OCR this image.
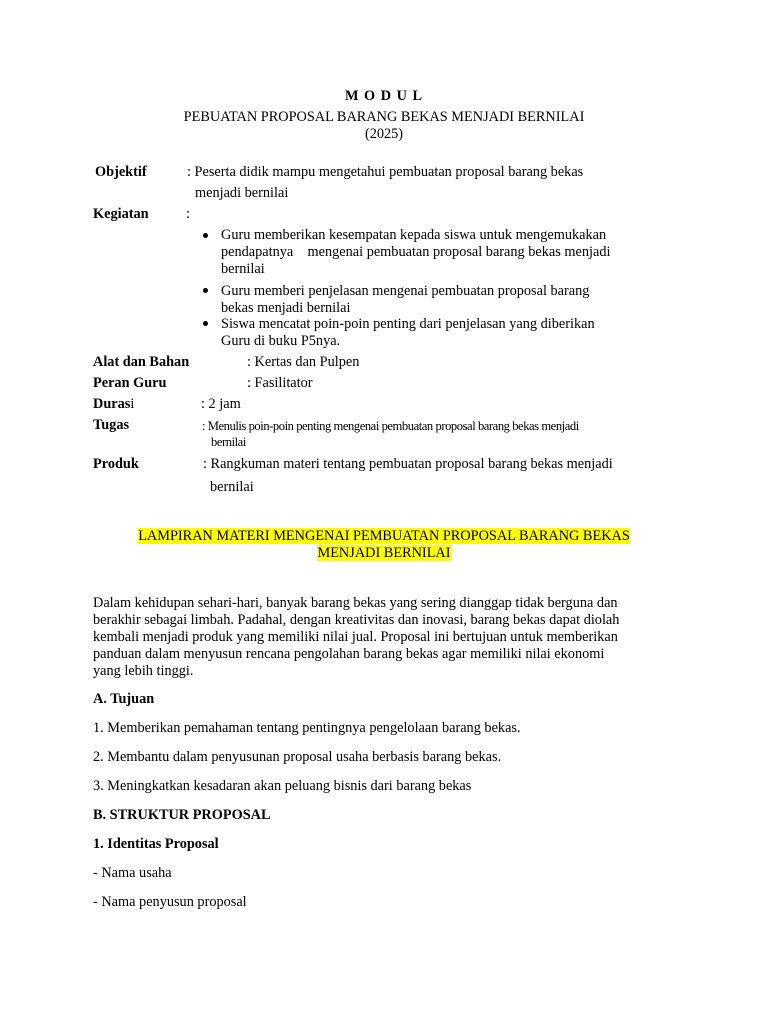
M O D U L
PEBUATAN PROPOSAL BARANG BEKAS MENJADI BERNILAI
(2025)
Objektif	: Peserta didik mampu mengetahui pembuatan proposal barang bekas
menjadi bernilai
Kegiatan	:
Guru memberikan kesempatan kepada siswa untuk mengemukakan
pendapatnya    mengenai pembuatan proposal barang bekas menjadi
bernilai
Guru memberi penjelasan mengenai pembuatan proposal barang
bekas menjadi bernilai
Siswa mencatat poin-poin penting dari penjelasan yang diberikan
Guru di buku P5nya.
Alat dan Bahan	: Kertas dan Pulpen
Peran Guru	: Fasilitator
Durasi	: 2 jam
Tugas	: Menulis poin-poin penting mengenai pembuatan proposal barang bekas menjadi
bernilai
Produk	: Rangkuman materi tentang pembuatan proposal barang bekas menjadi
bernilai
LAMPIRAN MATERI MENGENAI PEMBUATAN PROPOSAL BARANG BEKAS
MENJADI BERNILAI
Dalam kehidupan sehari-hari, banyak barang bekas yang sering dianggap tidak berguna dan
berakhir sebagai limbah. Padahal, dengan kreativitas dan inovasi, barang bekas dapat diolah
kembali menjadi produk yang memiliki nilai jual. Proposal ini bertujuan untuk memberikan
panduan dalam menyusun rencana pengolahan barang bekas agar memiliki nilai ekonomi
yang lebih tinggi.
A. Tujuan
1. Memberikan pemahaman tentang pentingnya pengelolaan barang bekas.
2. Membantu dalam penyusunan proposal usaha berbasis barang bekas.
3. Meningkatkan kesadaran akan peluang bisnis dari barang bekas
B. STRUKTUR PROPOSAL
1. Identitas Proposal
- Nama usaha
- Nama penyusun proposal
